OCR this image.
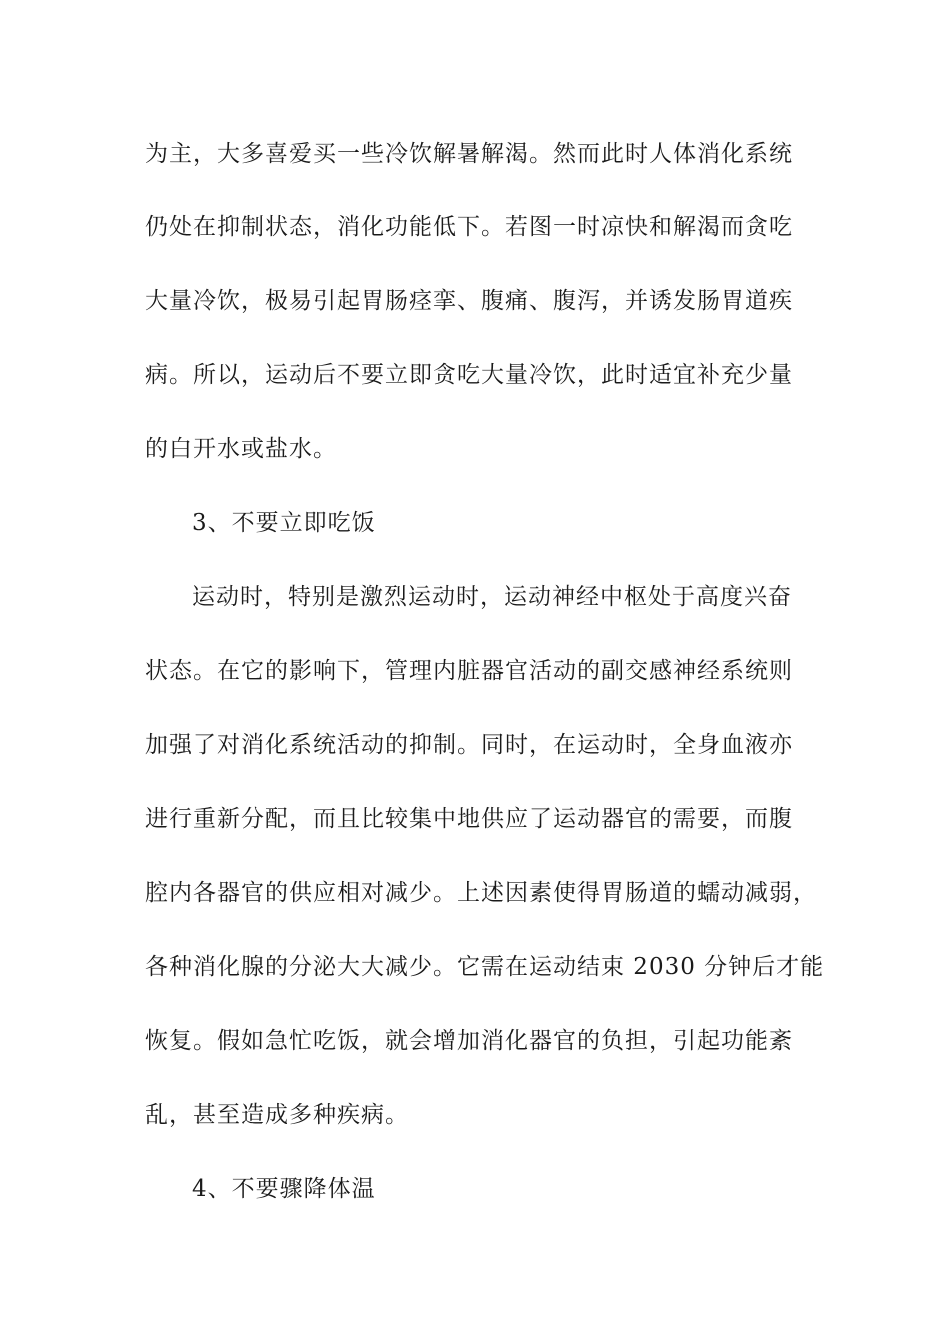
为主，大多喜爱买一些冷饮解暑解渴。然而此时人体消化系统
仍处在抑制状态，消化功能低下。若图一时凉快和解渴而贪吃
大量冷饮，极易引起胃肠痉挛、腹痛、腹泻，并诱发肠胃道疾
病。所以，运动后不要立即贪吃大量冷饮，此时适宜补充少量
的白开水或盐水。
3、不要立即吃饭
运动时，特别是激烈运动时，运动神经中枢处于高度兴奋
状态。在它的影响下，管理内脏器官活动的副交感神经系统则
加强了对消化系统活动的抑制。同时，在运动时，全身血液亦
进行重新分配，而且比较集中地供应了运动器官的需要，而腹
腔内各器官的供应相对减少。上述因素使得胃肠道的蠕动减弱，
各种消化腺的分泌大大减少。它需在运动结束 2030 分钟后才能
恢复。假如急忙吃饭，就会增加消化器官的负担，引起功能紊
乱，甚至造成多种疾病。
4、不要骤降体温
